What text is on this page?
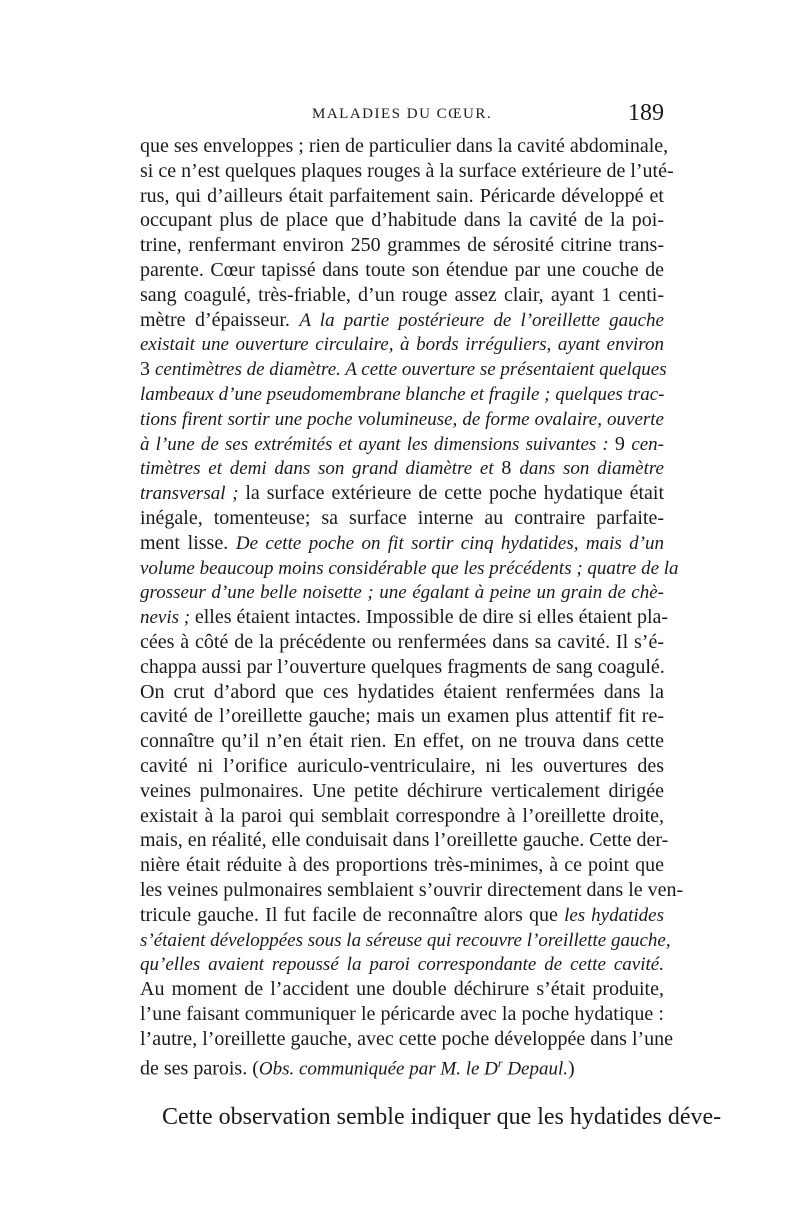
MALADIES DU CŒUR.	189
que ses enveloppes ; rien de particulier dans la cavité abdominale,
si ce n’est quelques plaques rouges à la surface extérieure de l’uté-
rus, qui d’ailleurs était parfaitement sain. Péricarde développé et
occupant plus de place que d’habitude dans la cavité de la poi-
trine, renfermant environ 250 grammes de sérosité citrine trans-
parente. Cœur tapissé dans toute son étendue par une couche de
sang coagulé, très-friable, d’un rouge assez clair, ayant 1 centi-
mètre d’épaisseur. A la partie postérieure de l’oreillette gauche
existait une ouverture circulaire, à bords irréguliers, ayant environ
3 centimètres de diamètre. A cette ouverture se présentaient quelques
lambeaux d’une pseudomembrane blanche et fragile ; quelques trac-
tions firent sortir une poche volumineuse, de forme ovalaire, ouverte
à l’une de ses extrémités et ayant les dimensions suivantes : 9 cen-
timètres et demi dans son grand diamètre et 8 dans son diamètre
transversal ; la surface extérieure de cette poche hydatique était
inégale, tomenteuse; sa surface interne au contraire parfaite-
ment lisse. De cette poche on fit sortir cinq hydatides, mais d’un
volume beaucoup moins considérable que les précédents ; quatre de la
grosseur d’une belle noisette ; une égalant à peine un grain de chè-
nevis ; elles étaient intactes. Impossible de dire si elles étaient pla-
cées à côté de la précédente ou renfermées dans sa cavité. Il s’é-
chappa aussi par l’ouverture quelques fragments de sang coagulé.
On crut d’abord que ces hydatides étaient renfermées dans la
cavité de l’oreillette gauche; mais un examen plus attentif fit re-
connaître qu’il n’en était rien. En effet, on ne trouva dans cette
cavité ni l’orifice auriculo-ventriculaire, ni les ouvertures des
veines pulmonaires. Une petite déchirure verticalement dirigée
existait à la paroi qui semblait correspondre à l’oreillette droite,
mais, en réalité, elle conduisait dans l’oreillette gauche. Cette der-
nière était réduite à des proportions très-minimes, à ce point que
les veines pulmonaires semblaient s’ouvrir directement dans le ven-
tricule gauche. Il fut facile de reconnaître alors que les hydatides
s’étaient développées sous la séreuse qui recouvre l’oreillette gauche,
qu’elles avaient repoussé la paroi correspondante de cette cavité.
Au moment de l’accident une double déchirure s’était produite,
l’une faisant communiquer le péricarde avec la poche hydatique :
l’autre, l’oreillette gauche, avec cette poche développée dans l’une
de ses parois. (Obs. communiquée par M. le $D^r$ Depaul.)
Cette observation semble indiquer que les hydatides déve-
